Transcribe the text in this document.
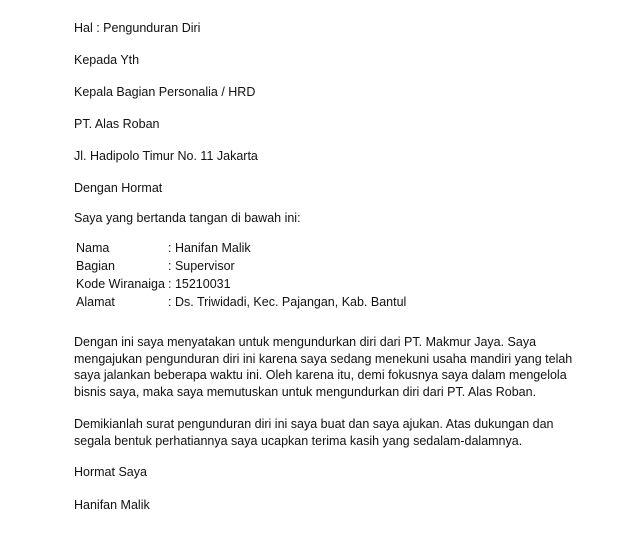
Hal : Pengunduran Diri
Kepada Yth
Kepala Bagian Personalia / HRD
PT. Alas Roban
Jl. Hadipolo Timur No. 11 Jakarta
Dengan Hormat
Saya yang bertanda tangan di bawah ini:
Nama	: Hanifan Malik
Bagian	: Supervisor
Kode Wiranaiga : 15210031
Alamat	: Ds. Triwidadi, Kec. Pajangan, Kab. Bantul
Dengan ini saya menyatakan untuk mengundurkan diri dari PT. Makmur Jaya. Saya
mengajukan pengunduran diri ini karena saya sedang menekuni usaha mandiri yang telah
saya jalankan beberapa waktu ini. Oleh karena itu, demi fokusnya saya dalam mengelola
bisnis saya, maka saya memutuskan untuk mengundurkan diri dari PT. Alas Roban.
Demikianlah surat pengunduran diri ini saya buat dan saya ajukan. Atas dukungan dan
segala bentuk perhatiannya saya ucapkan terima kasih yang sedalam-dalamnya.
Hormat Saya
Hanifan Malik
